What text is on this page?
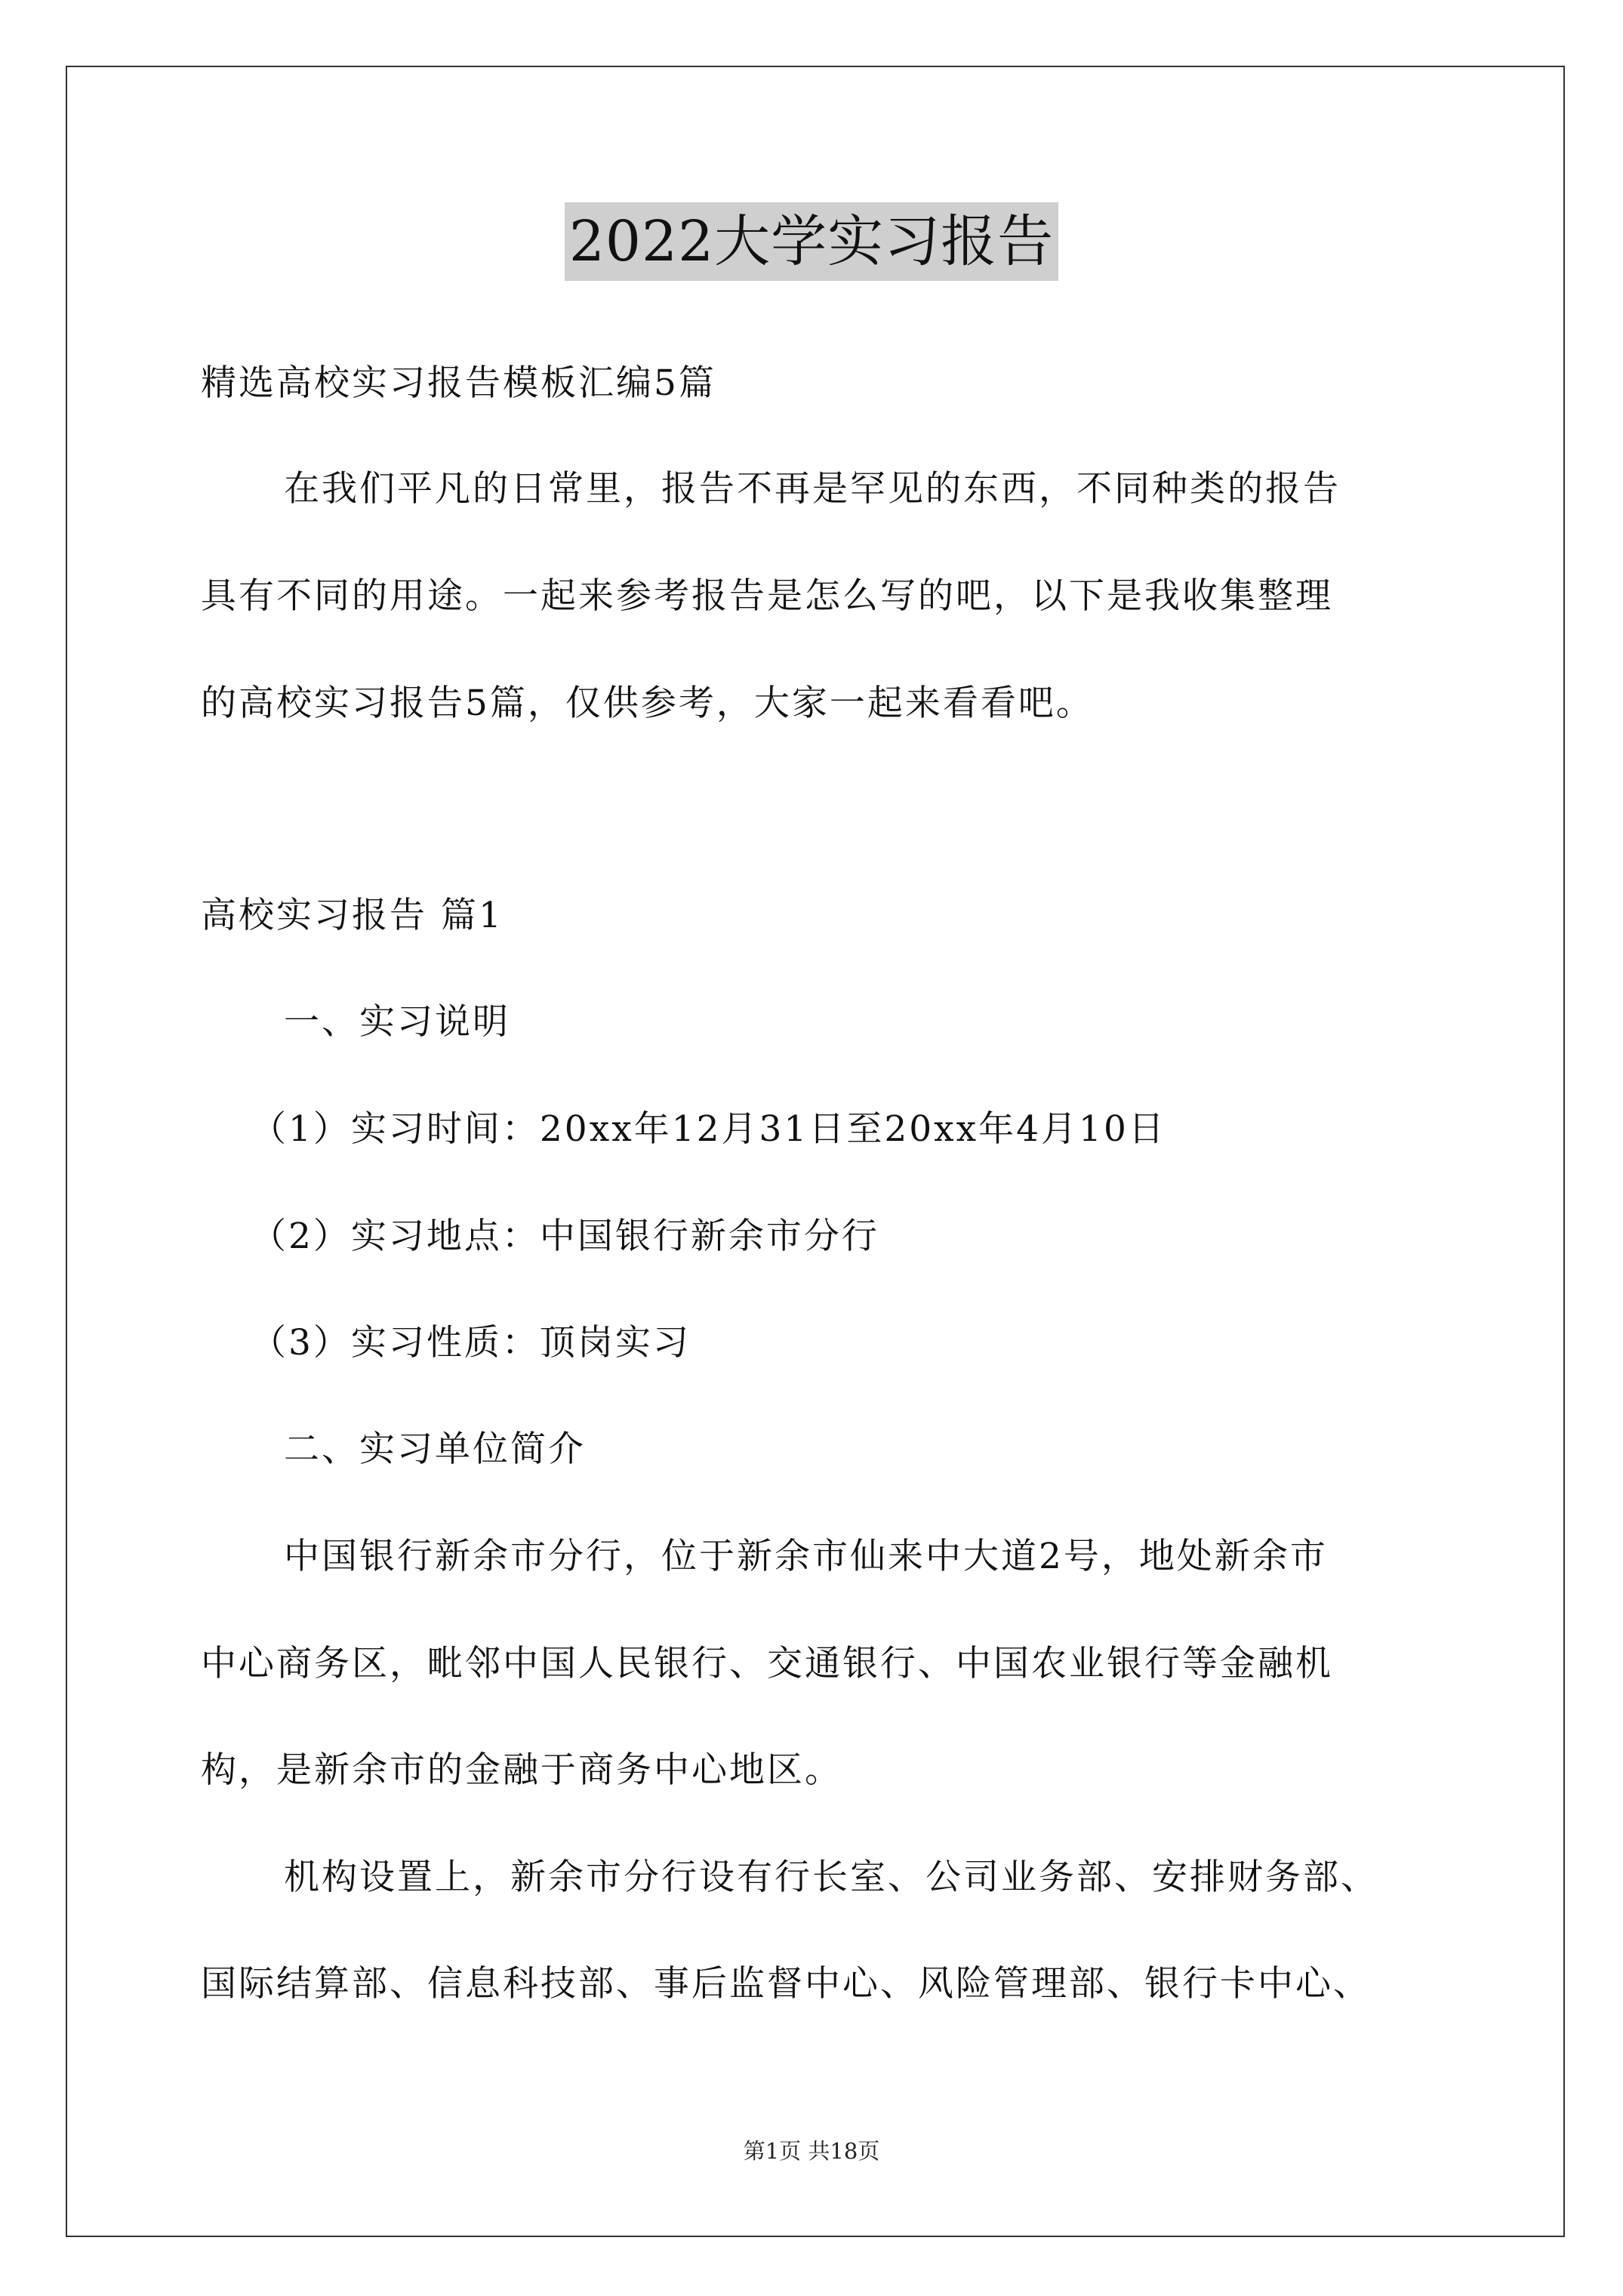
2022大学实习报告
精选高校实习报告模板汇编5篇
在我们平凡的日常里，报告不再是罕见的东西，不同种类的报告
具有不同的用途。一起来参考报告是怎么写的吧，以下是我收集整理
的高校实习报告5篇，仅供参考，大家一起来看看吧。
高校实习报告 篇1
一、实习说明
（1）实习时间：20xx年12月31日至20xx年4月10日
（2）实习地点：中国银行新余市分行
（3）实习性质：顶岗实习
二、实习单位简介
中国银行新余市分行，位于新余市仙来中大道2号，地处新余市
中心商务区，毗邻中国人民银行、交通银行、中国农业银行等金融机
构，是新余市的金融于商务中心地区。
机构设置上，新余市分行设有行长室、公司业务部、安排财务部、
国际结算部、信息科技部、事后监督中心、风险管理部、银行卡中心、
第1页 共18页
